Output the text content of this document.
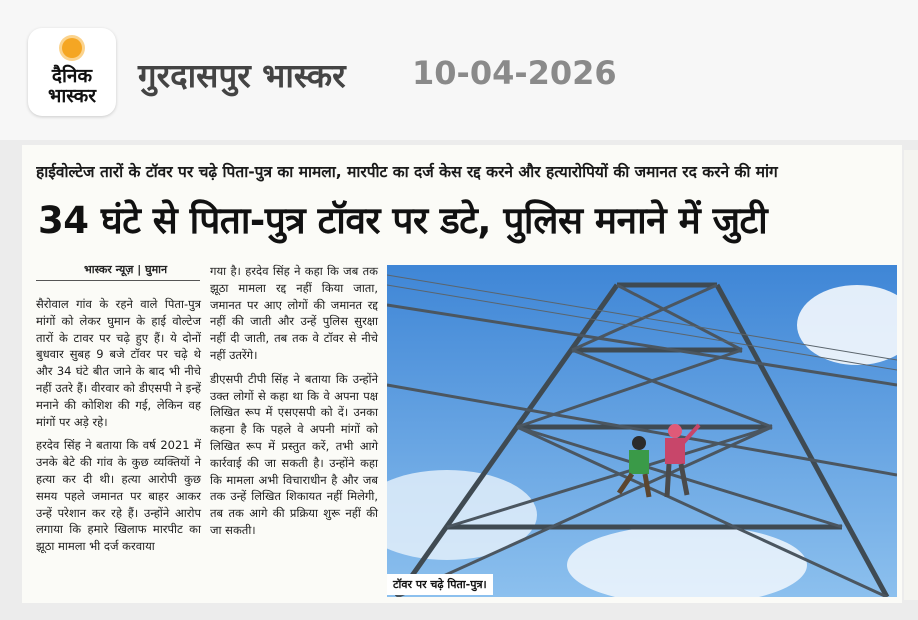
दैनिक
भास्कर
गुरदासपुर भास्कर 10-04-2026
हाईवोल्टेज तारों के टॉवर पर चढ़े पिता-पुत्र का मामला, मारपीट का दर्ज केस रद्द करने और हत्यारोपियों की जमानत रद करने की मांग
34 घंटे से पिता-पुत्र टॉवर पर डटे, पुलिस मनाने में जुटी
भास्कर न्यूज़ | घुमान

सैरोवाल गांव के रहने वाले पिता-पुत्र मांगों को लेकर घुमान के हाई वोल्टेज तारों के टावर पर चढ़े हुए हैं। ये दोनों बुधवार सुबह 9 बजे टॉवर पर चढ़े थे और 34 घंटे बीत जाने के बाद भी नीचे नहीं उतरे हैं। वीरवार को डीएसपी ने इन्हें मनाने की कोशिश की गई, लेकिन वह मांगों पर अड़े रहे।

हरदेव सिंह ने बताया कि वर्ष 2021 में उनके बेटे की गांव के कुछ व्यक्तियों ने हत्या कर दी थी। हत्या आरोपी कुछ समय पहले जमानत पर बाहर आकर उन्हें परेशान कर रहे हैं। उन्होंने आरोप लगाया कि हमारे खिलाफ मारपीट का झूठा मामला भी दर्ज करवाया

गया है। हरदेव सिंह ने कहा कि जब तक झूठा मामला रद्द नहीं किया जाता, जमानत पर आए लोगों की जमानत रद्द नहीं की जाती और उन्हें पुलिस सुरक्षा नहीं दी जाती, तब तक वे टॉवर से नीचे नहीं उतरेंगे।

डीएसपी टीपी सिंह ने बताया कि उन्होंने उक्त लोगों से कहा था कि वे अपना पक्ष लिखित रूप में एसएसपी को दें। उनका कहना है कि पहले वे अपनी मांगों को लिखित रूप में प्रस्तुत करें, तभी आगे कार्रवाई की जा सकती है। उन्होंने कहा कि मामला अभी विचाराधीन है और जब तक उन्हें लिखित शिकायत नहीं मिलेगी, तब तक आगे की प्रक्रिया शुरू नहीं की जा सकती।

टॉवर पर चढ़े पिता-पुत्र।
